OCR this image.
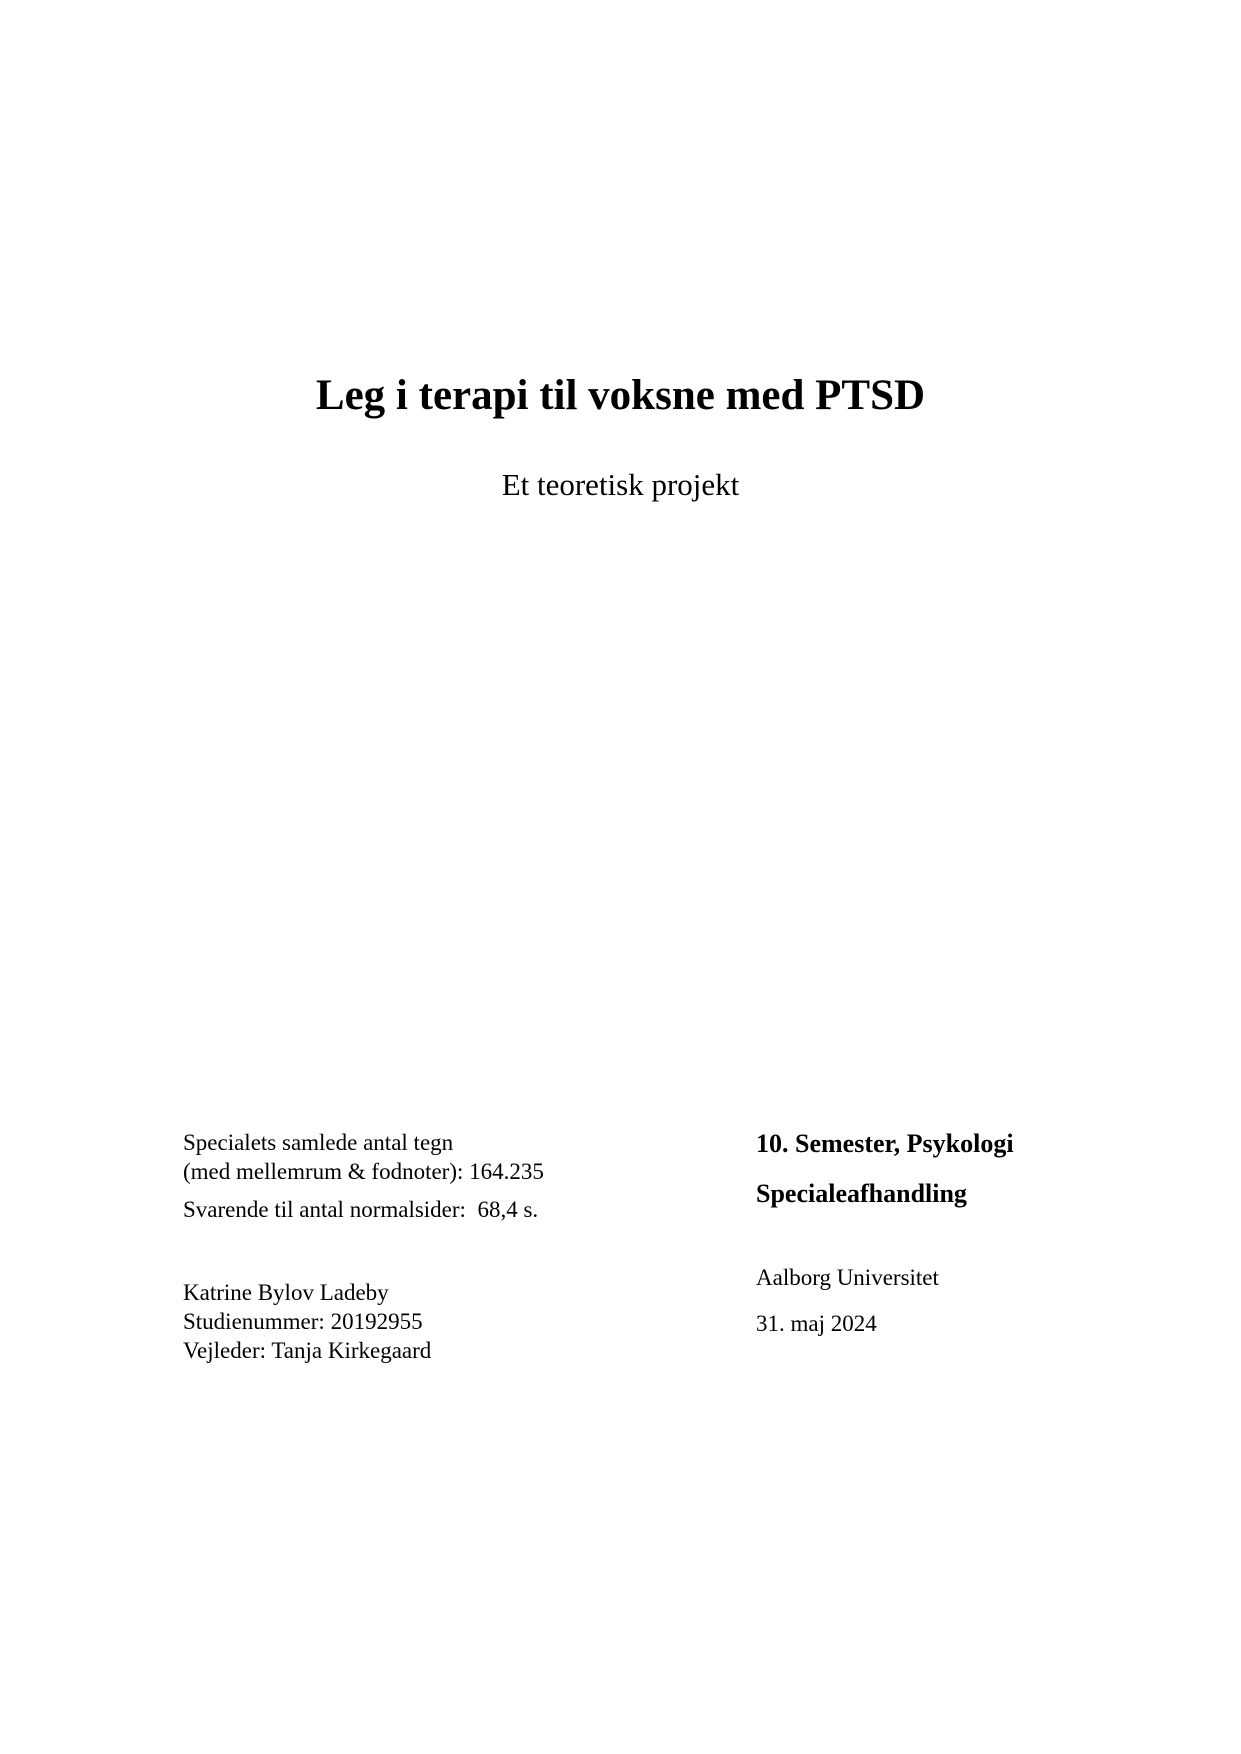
Leg i terapi til voksne med PTSD
Et teoretisk projekt
Specialets samlede antal tegn
(med mellemrum & fodnoter): 164.235
Svarende til antal normalsider:  68,4 s.
Katrine Bylov Ladeby
Studienummer: 20192955
Vejleder: Tanja Kirkegaard
10. Semester, Psykologi
Specialeafhandling
Aalborg Universitet
31. maj 2024
